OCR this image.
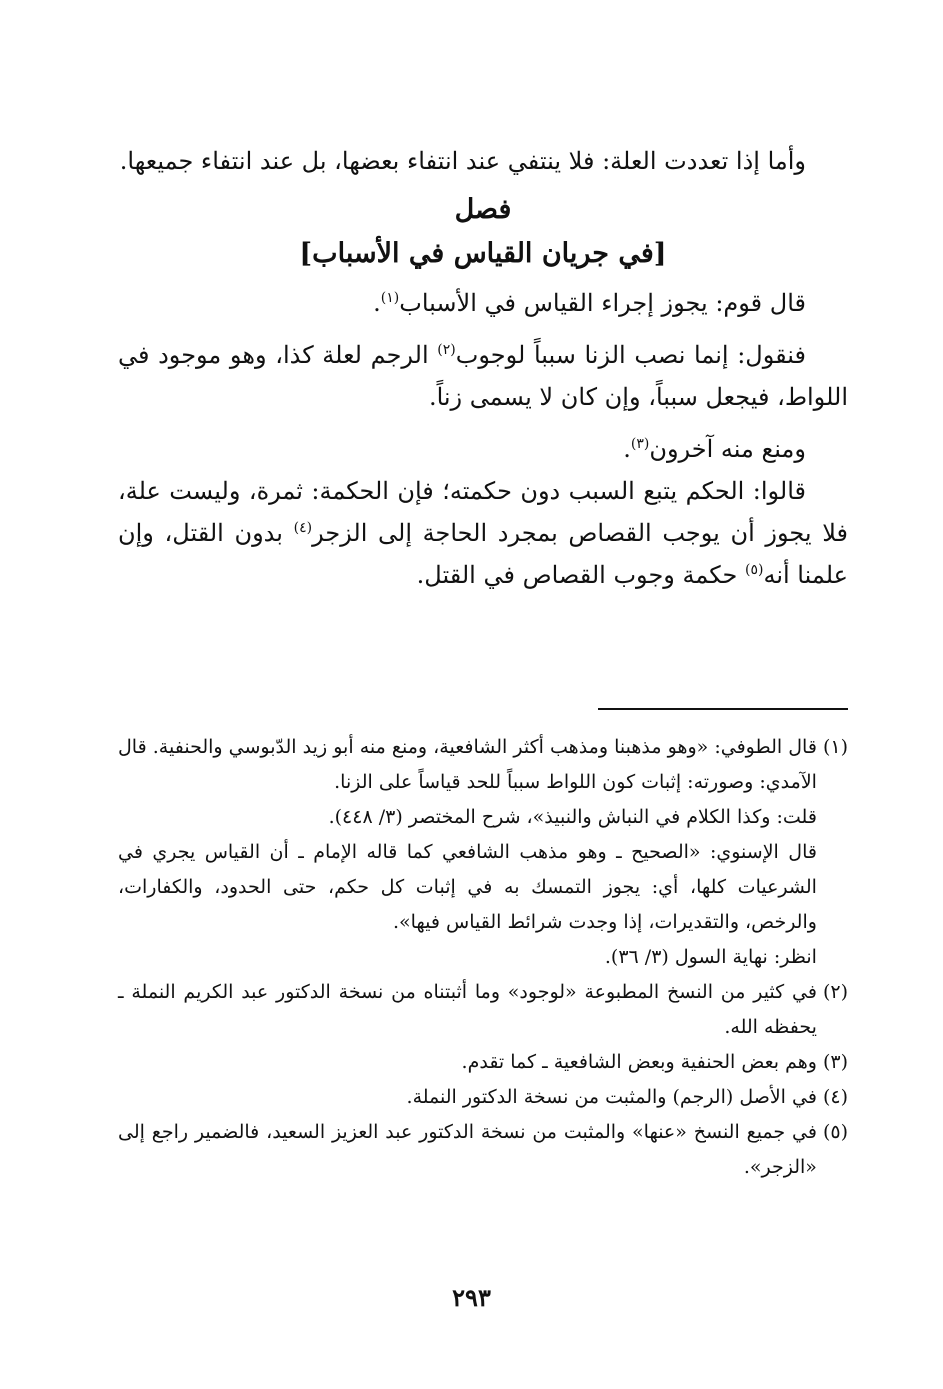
وأما إذا تعددت العلة: فلا ينتفي عند انتفاء بعضها، بل عند انتفاء جميعها.

فصل
[في جريان القياس في الأسباب]

قال قوم: يجوز إجراء القياس في الأسباب$^{(١)}$.

فنقول: إنما نصب الزنا سبباً لوجوب$^{(٢)}$ الرجم لعلة كذا، وهو موجود في اللواط، فيجعل سبباً، وإن كان لا يسمى زناً.

ومنع منه آخرون$^{(٣)}$.

قالوا: الحكم يتبع السبب دون حكمته؛ فإن الحكمة: ثمرة، وليست علة، فلا يجوز أن يوجب القصاص بمجرد الحاجة إلى الزجر$^{(٤)}$ بدون القتل، وإن علمنا أنه$^{(٥)}$ حكمة وجوب القصاص في القتل.

(١)
قال الطوفي: «وهو مذهبنا ومذهب أكثر الشافعية، ومنع منه أبو زيد الدّبوسي والحنفية. قال الآمدي: وصورته: إثبات كون اللواط سبباً للحد قياساً على الزنا.
قلت: وكذا الكلام في النباش والنبيذ»، شرح المختصر (٣/ ٤٤٨).
قال الإسنوي: «الصحيح ـ وهو مذهب الشافعي كما قاله الإمام ـ أن القياس يجري في الشرعيات كلها، أي: يجوز التمسك به في إثبات كل حكم، حتى الحدود، والكفارات، والرخص، والتقديرات، إذا وجدت شرائط القياس فيها».
انظر: نهاية السول (٣/ ٣٦).
(٢)
في كثير من النسخ المطبوعة «لوجود» وما أثبتناه من نسخة الدكتور عبد الكريم النملة ـ يحفظه الله.
(٣)
وهم بعض الحنفية وبعض الشافعية ـ كما تقدم.
(٤)
في الأصل (الرجم) والمثبت من نسخة الدكتور النملة.
(٥)
في جميع النسخ «عنها» والمثبت من نسخة الدكتور عبد العزيز السعيد، فالضمير راجع إلى «الزجر».
٢٩٣
